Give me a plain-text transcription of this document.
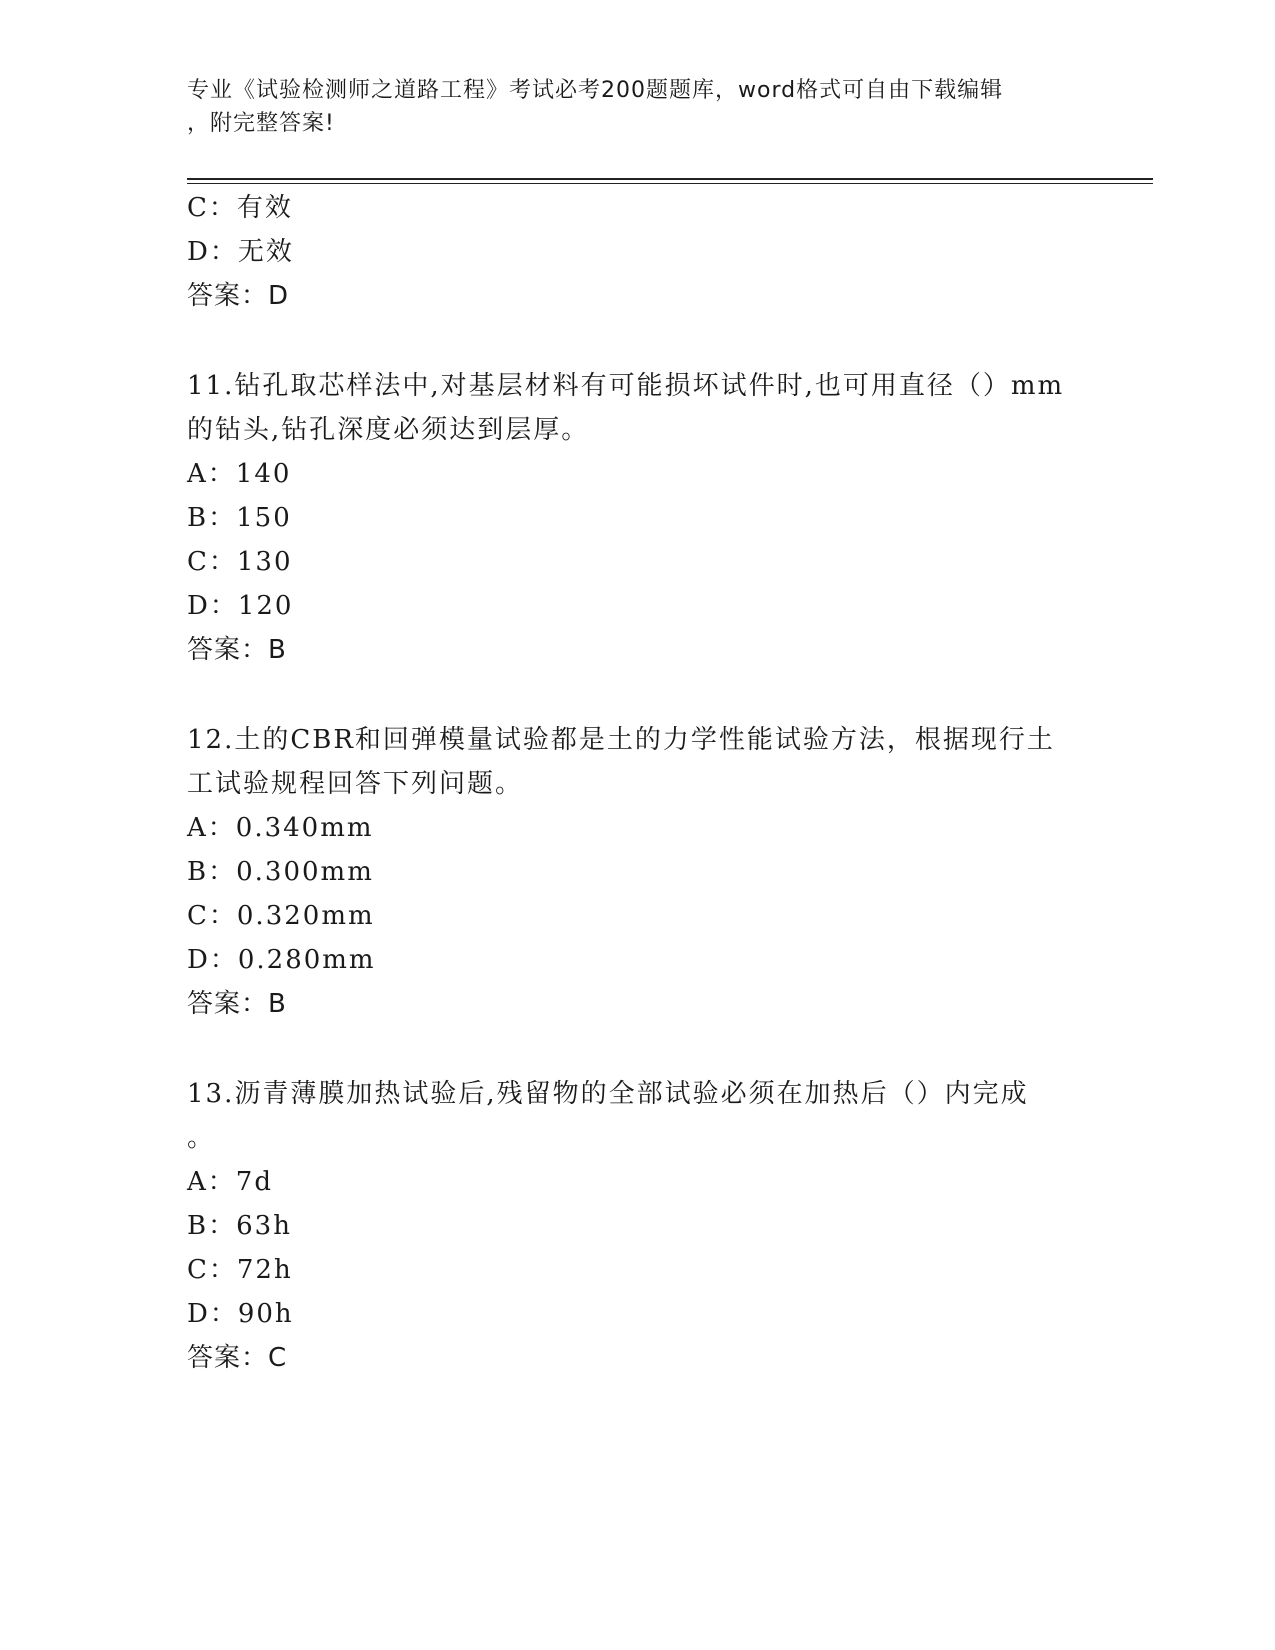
专业《试验检测师之道路工程》考试必考200题题库，word格式可自由下载编辑
，附完整答案!
C：有效
D：无效
答案：D
11.钻孔取芯样法中,对基层材料有可能损坏试件时,也可用直径（）mm
的钻头,钻孔深度必须达到层厚。
A：140
B：150
C：130
D：120
答案：B
12.土的CBR和回弹模量试验都是土的力学性能试验方法，根据现行土
工试验规程回答下列问题。
A：0.340mm
B：0.300mm
C：0.320mm
D：0.280mm
答案：B
13.沥青薄膜加热试验后,残留物的全部试验必须在加热后（）内完成
。
A：7d
B：63h
C：72h
D：90h
答案：C
